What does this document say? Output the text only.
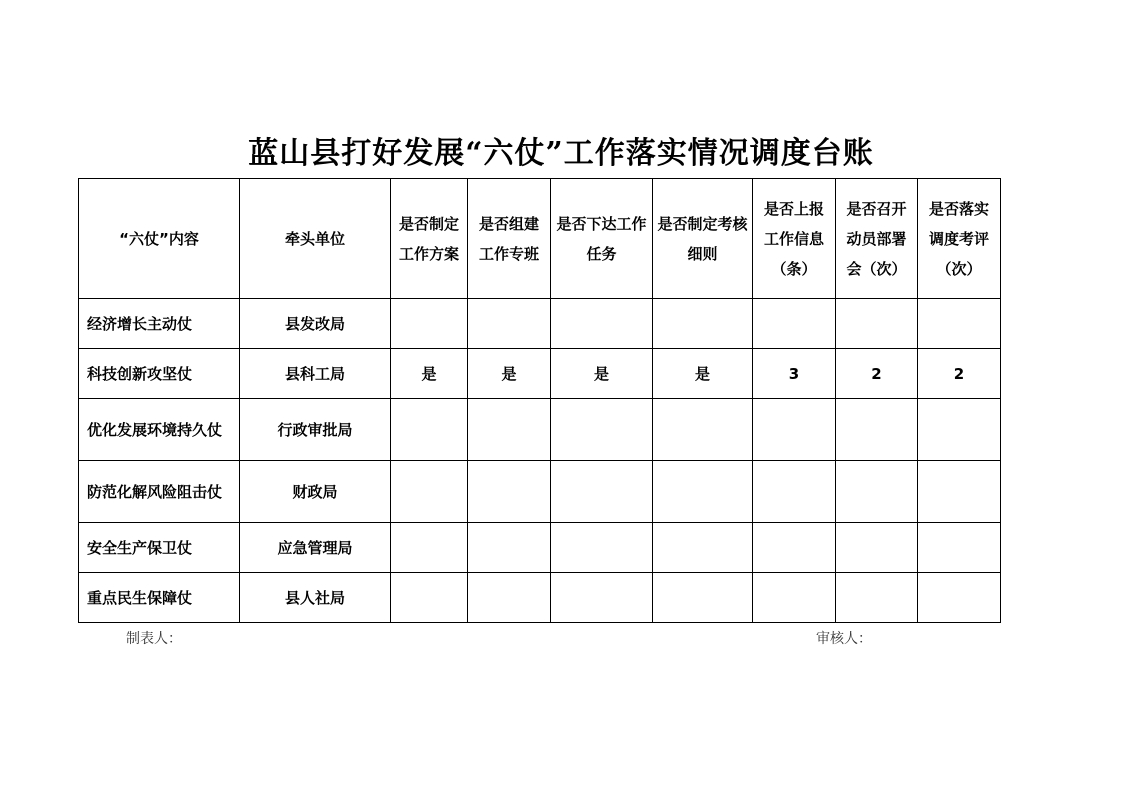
蓝山县打好发展“六仗”工作落实情况调度台账
“六仗”内容	牵头单位	是否制定工作方案	是否组建工作专班	是否下达工作任务	是否制定考核细则	是否上报工作信息（条）	是否召开动员部署会（次）	是否落实调度考评（次）
经济增长主动仗	县发改局							
科技创新攻坚仗	县科工局	是	是	是	是	3	2	2
优化发展环境持久仗	行政审批局							
防范化解风险阻击仗	财政局							
安全生产保卫仗	应急管理局							
重点民生保障仗	县人社局							
制表人：	审核人：
